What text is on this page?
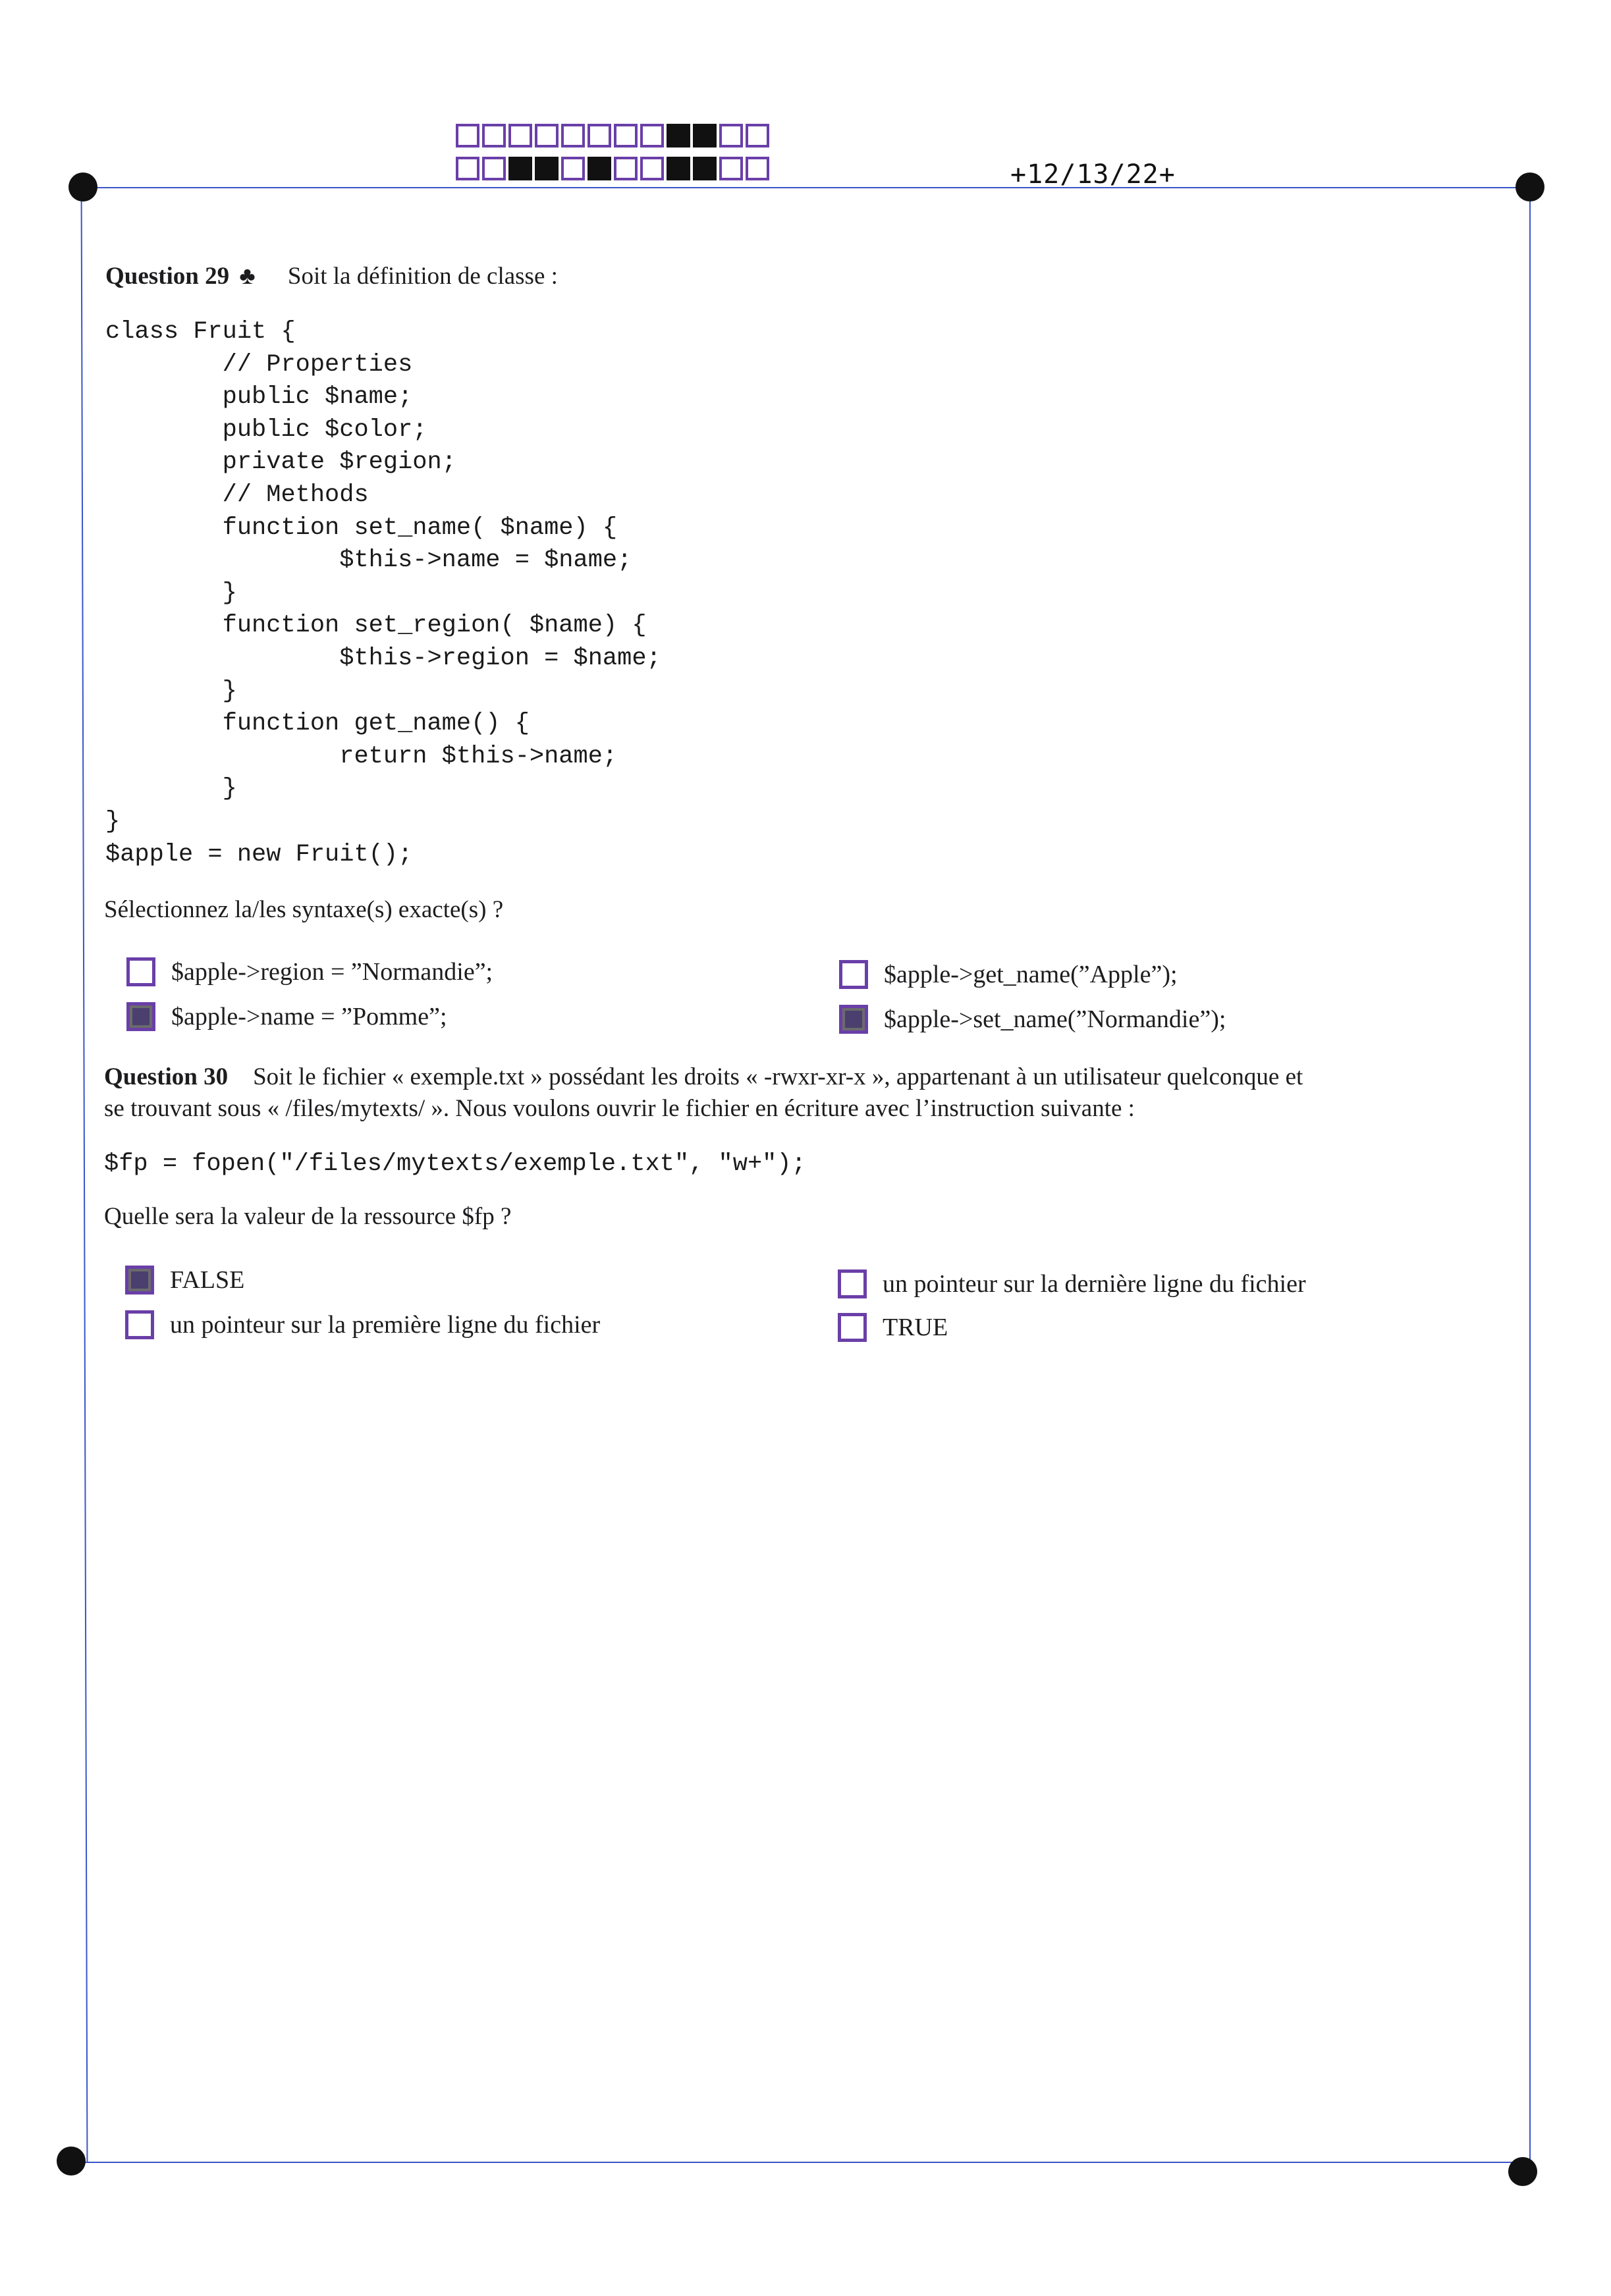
+12/13/22+
Question 29 ♣ Soit la définition de classe :
class Fruit {
// Properties
public $name;
public $color;
private $region;
// Methods
function set_name( $name) {
$this->name = $name;
}
function set_region( $name) {
$this->region = $name;
}
function get_name() {
return $this->name;
}
}
$apple = new Fruit();
Sélectionnez la/les syntaxe(s) exacte(s) ?
$apple->region = ”Normandie”;
$apple->name = ”Pomme”;
$apple->get_name(”Apple”);
$apple->set_name(”Normandie”);
Question 30 Soit le fichier « exemple.txt » possédant les droits « -rwxr-xr-x », appartenant à un utilisateur quelconque et
se trouvant sous « /files/mytexts/ ». Nous voulons ouvrir le fichier en écriture avec l’instruction suivante :
$fp = fopen("/files/mytexts/exemple.txt", "w+");
Quelle sera la valeur de la ressource $fp ?
FALSE
un pointeur sur la première ligne du fichier
un pointeur sur la dernière ligne du fichier
TRUE
